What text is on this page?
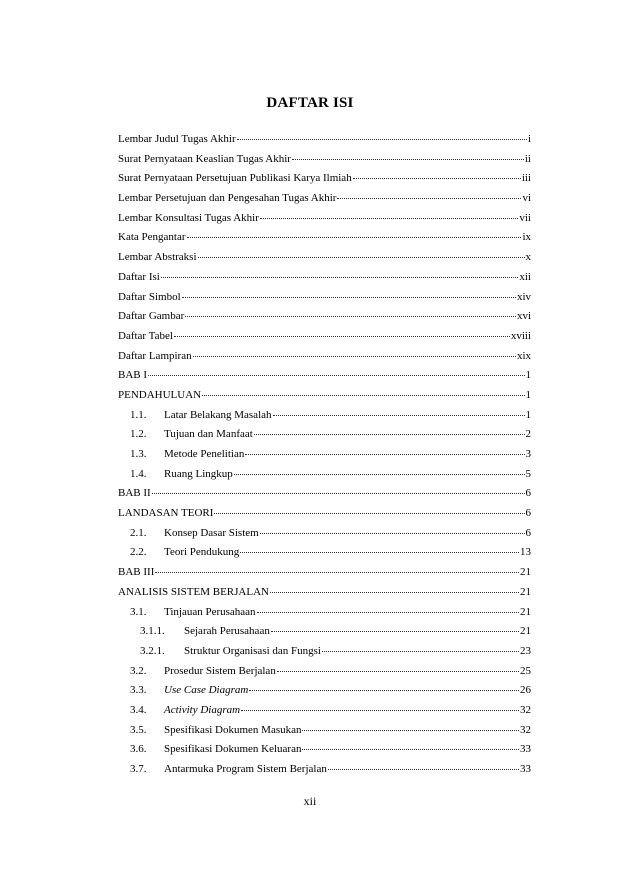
DAFTAR ISI
Lembar Judul Tugas Akhir	i
Surat Pernyataan Keaslian Tugas Akhir	ii
Surat Pernyataan Persetujuan Publikasi Karya Ilmiah	iii
Lembar Persetujuan dan Pengesahan Tugas Akhir	vi
Lembar Konsultasi Tugas Akhir	vii
Kata Pengantar	ix
Lembar Abstraksi	x
Daftar Isi	xii
Daftar Simbol	xiv
Daftar Gambar	xvi
Daftar Tabel	xviii
Daftar Lampiran	xix
BAB I	1
PENDAHULUAN	1
1.1.	Latar Belakang Masalah	1
1.2.	Tujuan dan Manfaat	2
1.3.	Metode Penelitian	3
1.4.	Ruang Lingkup	5
BAB II	6
LANDASAN TEORI	6
2.1.	Konsep Dasar Sistem	6
2.2.	Teori Pendukung	13
BAB III	21
ANALISIS SISTEM BERJALAN	21
3.1.	Tinjauan Perusahaan	21
3.1.1.	Sejarah Perusahaan	21
3.2.1.	Struktur Organisasi dan Fungsi	23
3.2.	Prosedur Sistem Berjalan	25
3.3.	Use Case Diagram	26
3.4.	Activity Diagram	32
3.5.	Spesifikasi Dokumen Masukan	32
3.6.	Spesifikasi Dokumen Keluaran	33
3.7.	Antarmuka Program Sistem Berjalan	33
xii
